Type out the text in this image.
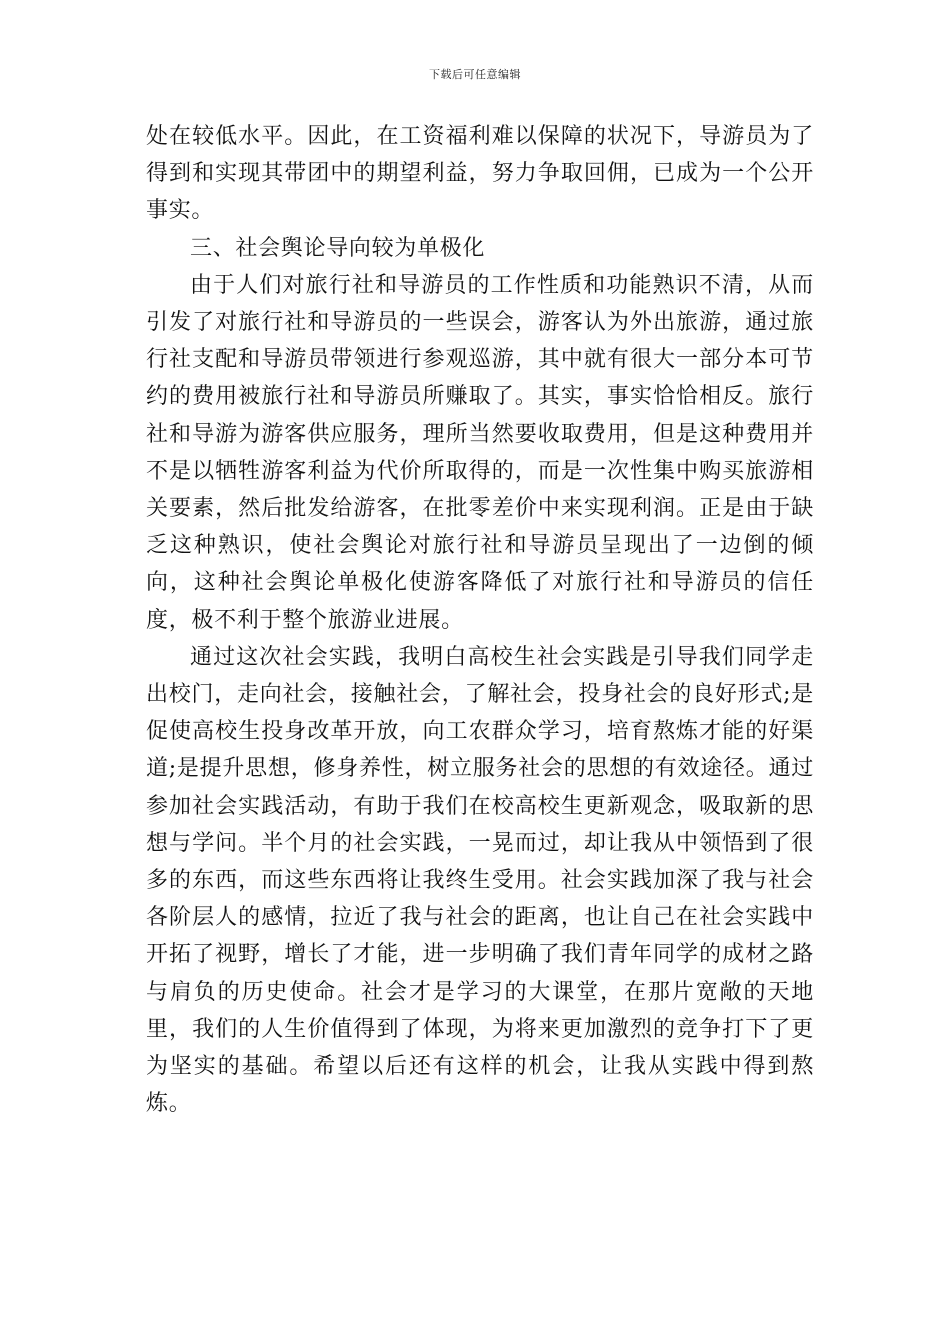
下载后可任意编辑

处在较低水平。因此，在工资福利难以保障的状况下，导游员为了得到和实现其带团中的期望利益，努力争取回佣，已成为一个公开事实。

三、社会舆论导向较为单极化

由于人们对旅行社和导游员的工作性质和功能熟识不清，从而引发了对旅行社和导游员的一些误会，游客认为外出旅游，通过旅行社支配和导游员带领进行参观巡游，其中就有很大一部分本可节约的费用被旅行社和导游员所赚取了。其实，事实恰恰相反。旅行社和导游为游客供应服务，理所当然要收取费用，但是这种费用并不是以牺牲游客利益为代价所取得的，而是一次性集中购买旅游相关要素，然后批发给游客，在批零差价中来实现利润。正是由于缺乏这种熟识，使社会舆论对旅行社和导游员呈现出了一边倒的倾向，这种社会舆论单极化使游客降低了对旅行社和导游员的信任度，极不利于整个旅游业进展。

通过这次社会实践，我明白高校生社会实践是引导我们同学走出校门，走向社会，接触社会，了解社会，投身社会的良好形式;是促使高校生投身改革开放，向工农群众学习，培育熬炼才能的好渠道;是提升思想，修身养性，树立服务社会的思想的有效途径。通过参加社会实践活动，有助于我们在校高校生更新观念，吸取新的思想与学问。半个月的社会实践，一晃而过，却让我从中领悟到了很多的东西，而这些东西将让我终生受用。社会实践加深了我与社会各阶层人的感情，拉近了我与社会的距离，也让自己在社会实践中开拓了视野，增长了才能，进一步明确了我们青年同学的成材之路与肩负的历史使命。社会才是学习的大课堂，在那片宽敞的天地里，我们的人生价值得到了体现，为将来更加激烈的竞争打下了更为坚实的基础。希望以后还有这样的机会，让我从实践中得到熬炼。
